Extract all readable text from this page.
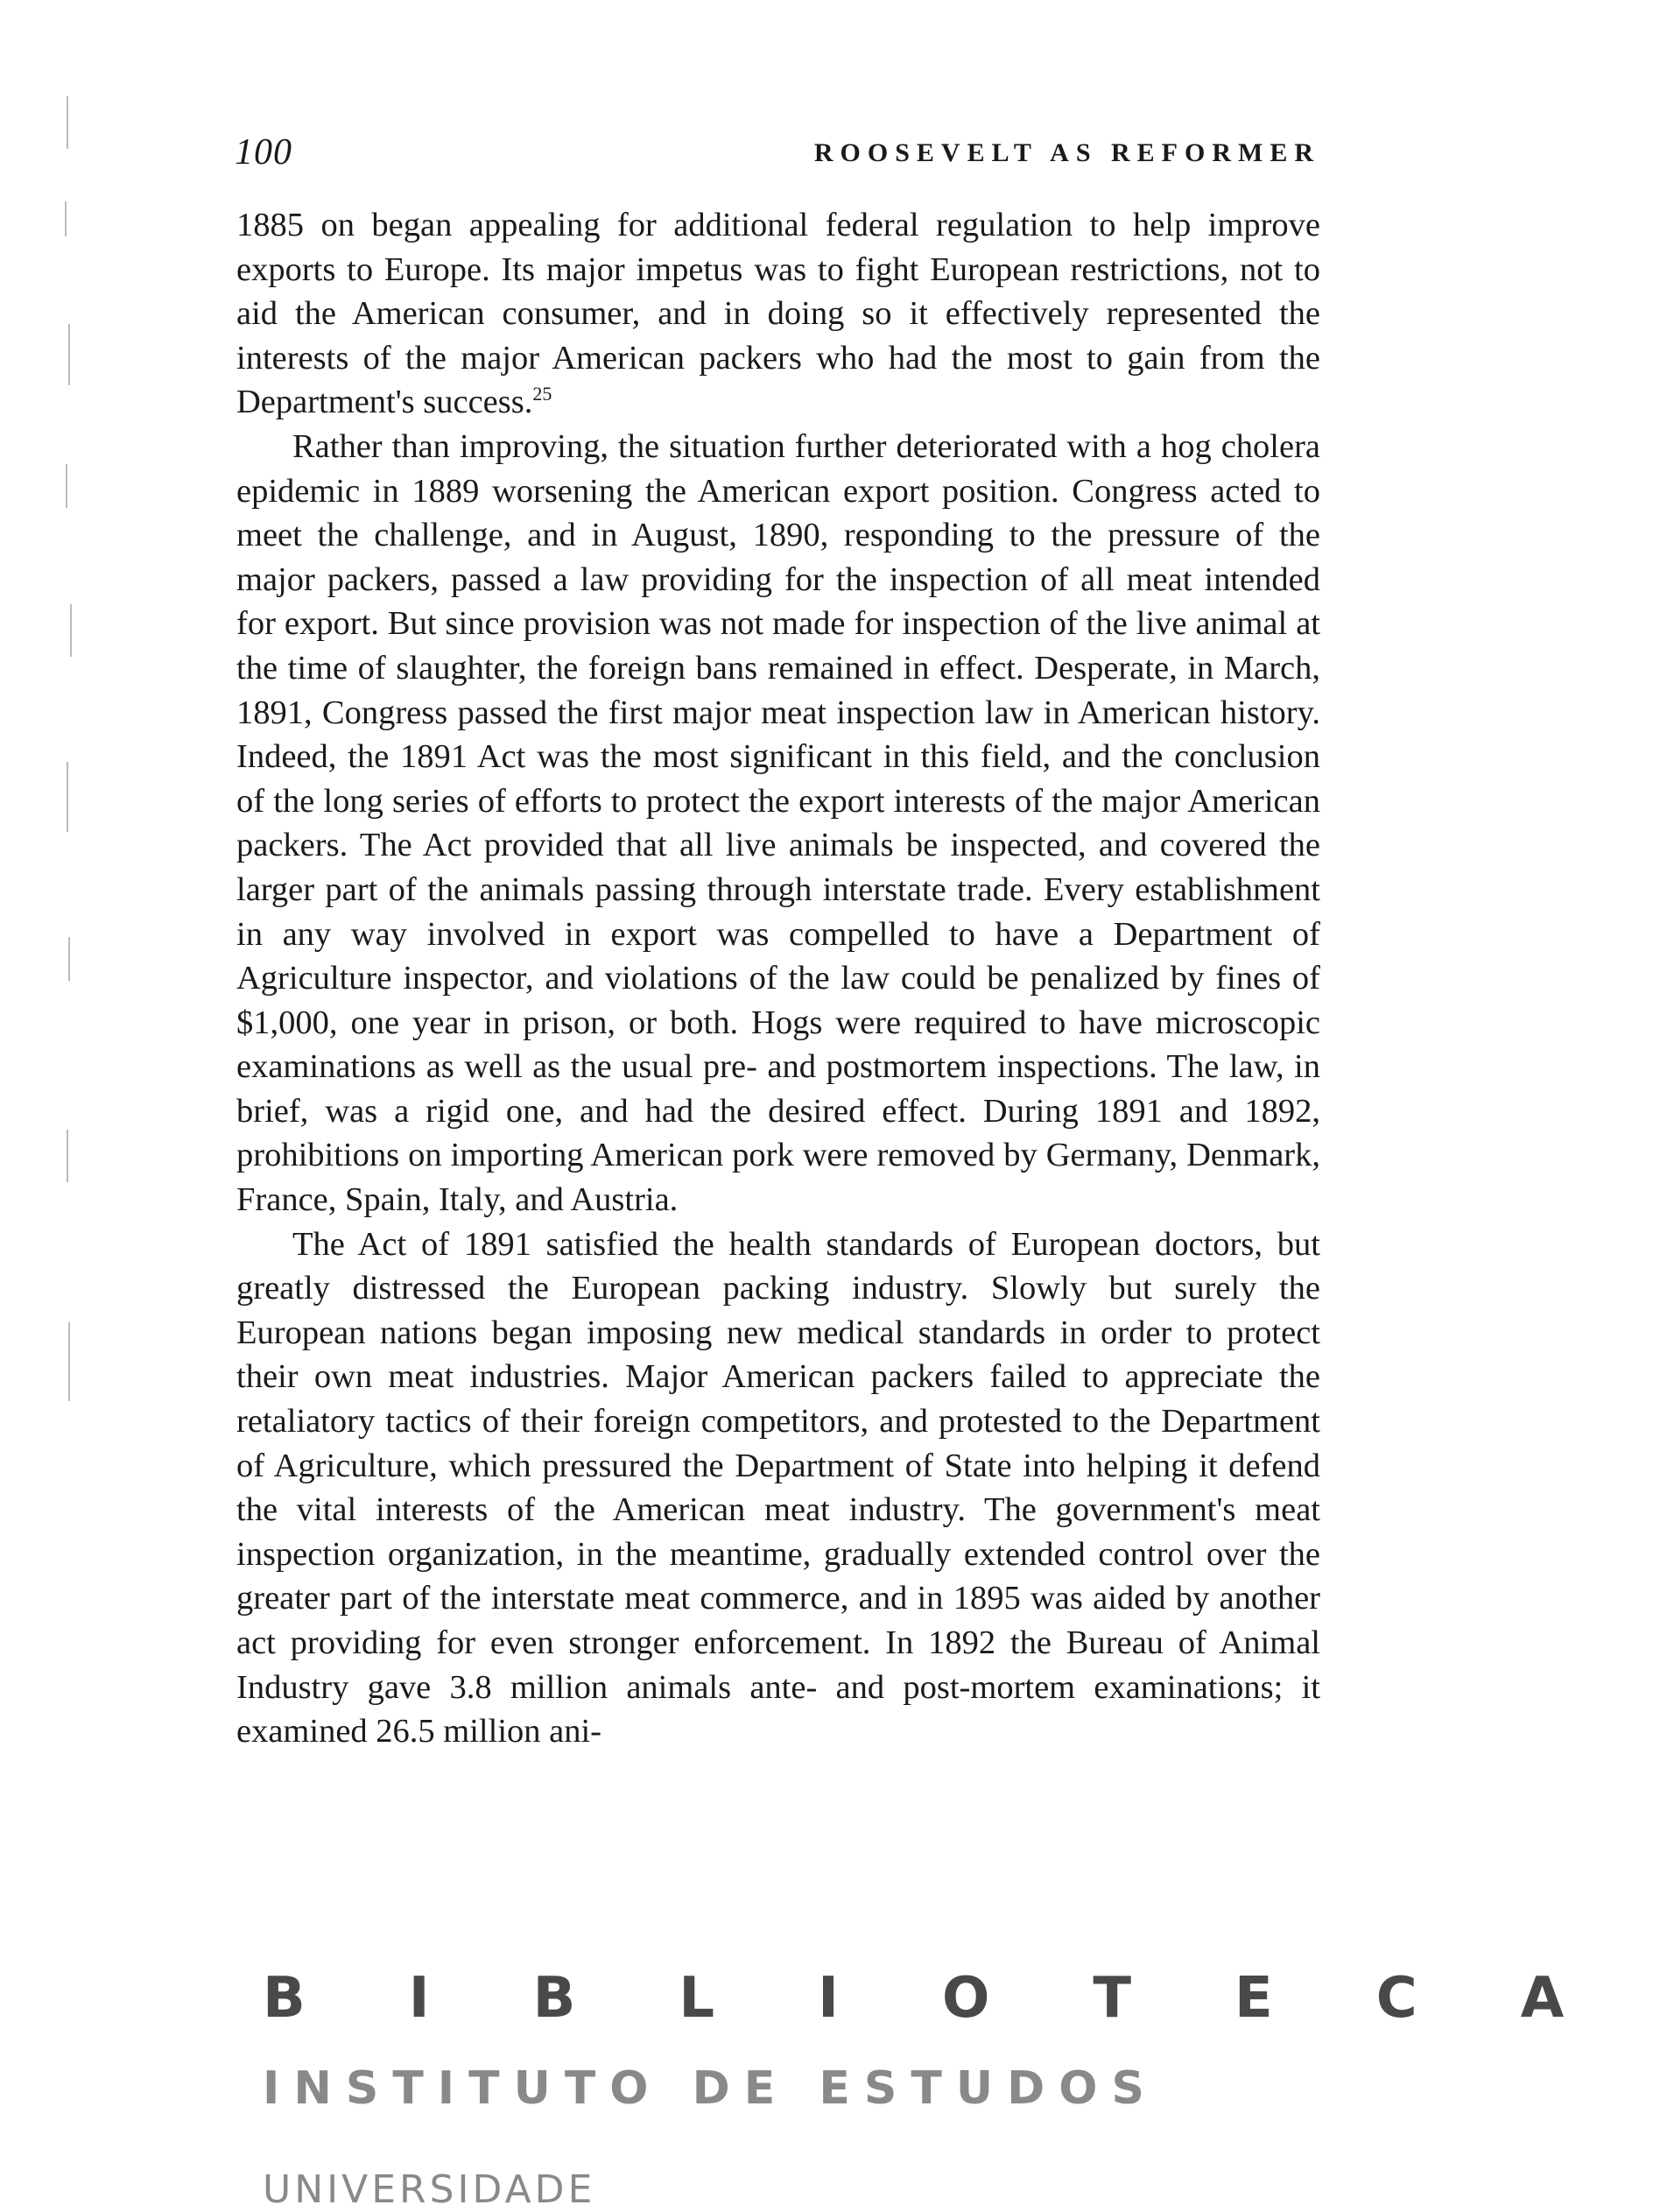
100	ROOSEVELT AS REFORMER

1885 on began appealing for additional federal regulation to help improve exports to Europe. Its major impetus was to fight European restrictions, not to aid the American consumer, and in doing so it effectively represented the interests of the major American packers who had the most to gain from the Department's success.$^{25}$

Rather than improving, the situation further deteriorated with a hog cholera epidemic in 1889 worsening the American export position. Congress acted to meet the challenge, and in August, 1890, responding to the pressure of the major packers, passed a law providing for the inspection of all meat intended for export. But since provision was not made for inspection of the live animal at the time of slaughter, the foreign bans remained in effect. Desperate, in March, 1891, Congress passed the first major meat inspection law in American history. Indeed, the 1891 Act was the most significant in this field, and the conclusion of the long series of efforts to protect the export interests of the major American packers. The Act provided that all live animals be inspected, and covered the larger part of the animals passing through interstate trade. Every establishment in any way involved in export was compelled to have a Department of Agriculture inspector, and violations of the law could be penalized by fines of $1,000, one year in prison, or both. Hogs were required to have microscopic examinations as well as the usual pre- and postmortem inspections. The law, in brief, was a rigid one, and had the desired effect. During 1891 and 1892, prohibitions on importing American pork were removed by Germany, Denmark, France, Spain, Italy, and Austria.

The Act of 1891 satisfied the health standards of European doctors, but greatly distressed the European packing industry. Slowly but surely the European nations began imposing new medical standards in order to protect their own meat industries. Major American packers failed to appreciate the retaliatory tactics of their foreign competitors, and protested to the Department of Agriculture, which pressured the Department of State into helping it defend the vital interests of the American meat industry. The government's meat inspection organization, in the meantime, gradually extended control over the greater part of the interstate meat commerce, and in 1895 was aided by another act providing for even stronger enforcement. In 1892 the Bureau of Animal Industry gave 3.8 million animals ante- and post-mortem examinations; it examined 26.5 million ani-

BIBLIOTECA
INSTITUTO DE ESTUDOS
UNIVERSIDADE
